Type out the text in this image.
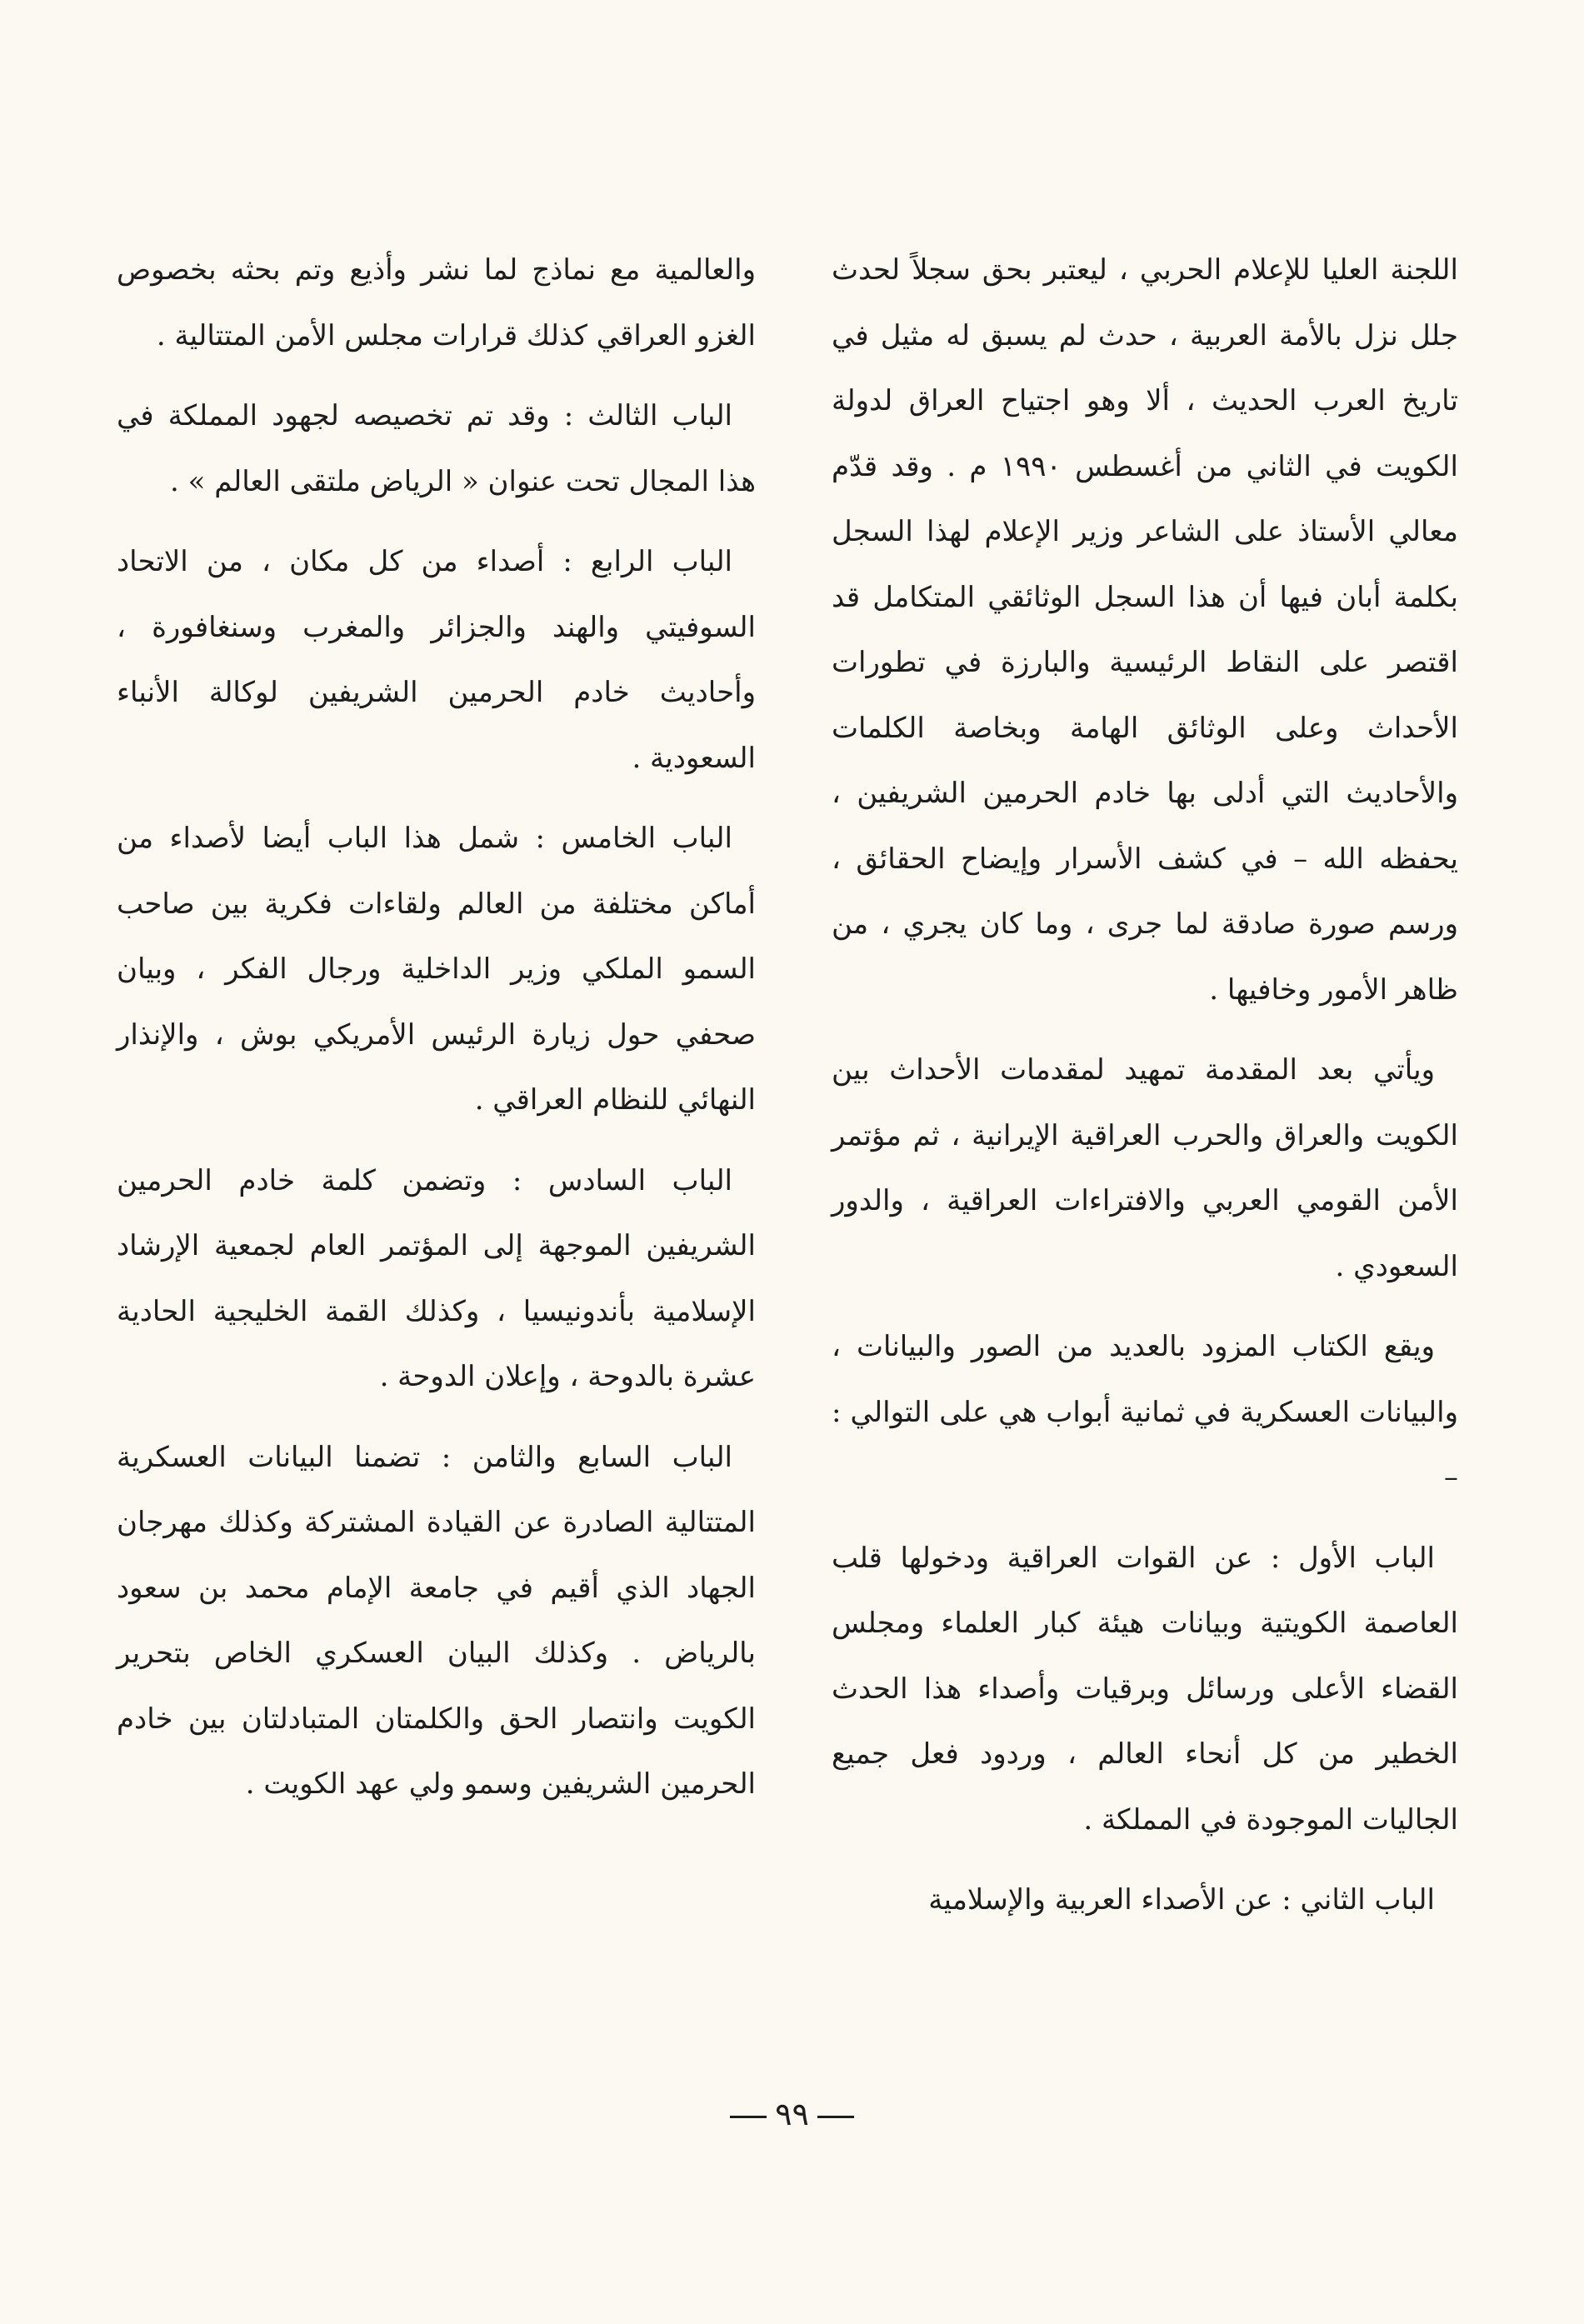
اللجنة العليا للإعلام الحربي ، ليعتبر بحق سجلاً لحدث جلل نزل بالأمة العربية ، حدث لم يسبق له مثيل في تاريخ العرب الحديث ، ألا وهو اجتياح العراق لدولة الكويت في الثاني من أغسطس ١٩٩٠ م . وقد قدّم معالي الأستاذ على الشاعر وزير الإعلام لهذا السجل بكلمة أبان فيها أن هذا السجل الوثائقي المتكامل قد اقتصر على النقاط الرئيسية والبارزة في تطورات الأحداث وعلى الوثائق الهامة وبخاصة الكلمات والأحاديث التي أدلى بها خادم الحرمين الشريفين ، يحفظه الله – في كشف الأسرار وإيضاح الحقائق ، ورسم صورة صادقة لما جرى ، وما كان يجري ، من ظاهر الأمور وخافيها .

ويأتي بعد المقدمة تمهيد لمقدمات الأحداث بين الكويت والعراق والحرب العراقية الإيرانية ، ثم مؤتمر الأمن القومي العربي والافتراءات العراقية ، والدور السعودي .

ويقع الكتاب المزود بالعديد من الصور والبيانات ، والبيانات العسكرية في ثمانية أبواب هي على التوالي : –

الباب الأول : عن القوات العراقية ودخولها قلب العاصمة الكويتية وبيانات هيئة كبار العلماء ومجلس القضاء الأعلى ورسائل وبرقيات وأصداء هذا الحدث الخطير من كل أنحاء العالم ، وردود فعل جميع الجاليات الموجودة في المملكة .

الباب الثاني : عن الأصداء العربية والإسلامية

والعالمية مع نماذج لما نشر وأذيع وتم بحثه بخصوص الغزو العراقي كذلك قرارات مجلس الأمن المتتالية .

الباب الثالث : وقد تم تخصيصه لجهود المملكة في هذا المجال تحت عنوان « الرياض ملتقى العالم » .

الباب الرابع : أصداء من كل مكان ، من الاتحاد السوفيتي والهند والجزائر والمغرب وسنغافورة ، وأحاديث خادم الحرمين الشريفين لوكالة الأنباء السعودية .

الباب الخامس : شمل هذا الباب أيضا لأصداء من أماكن مختلفة من العالم ولقاءات فكرية بين صاحب السمو الملكي وزير الداخلية ورجال الفكر ، وبيان صحفي حول زيارة الرئيس الأمريكي بوش ، والإنذار النهائي للنظام العراقي .

الباب السادس : وتضمن كلمة خادم الحرمين الشريفين الموجهة إلى المؤتمر العام لجمعية الإرشاد الإسلامية بأندونيسيا ، وكذلك القمة الخليجية الحادية عشرة بالدوحة ، وإعلان الدوحة .

الباب السابع والثامن : تضمنا البيانات العسكرية المتتالية الصادرة عن القيادة المشتركة وكذلك مهرجان الجهاد الذي أقيم في جامعة الإمام محمد بن سعود بالرياض . وكذلك البيان العسكري الخاص بتحرير الكويت وانتصار الحق والكلمتان المتبادلتان بين خادم الحرمين الشريفين وسمو ولي عهد الكويت .

٩٩
